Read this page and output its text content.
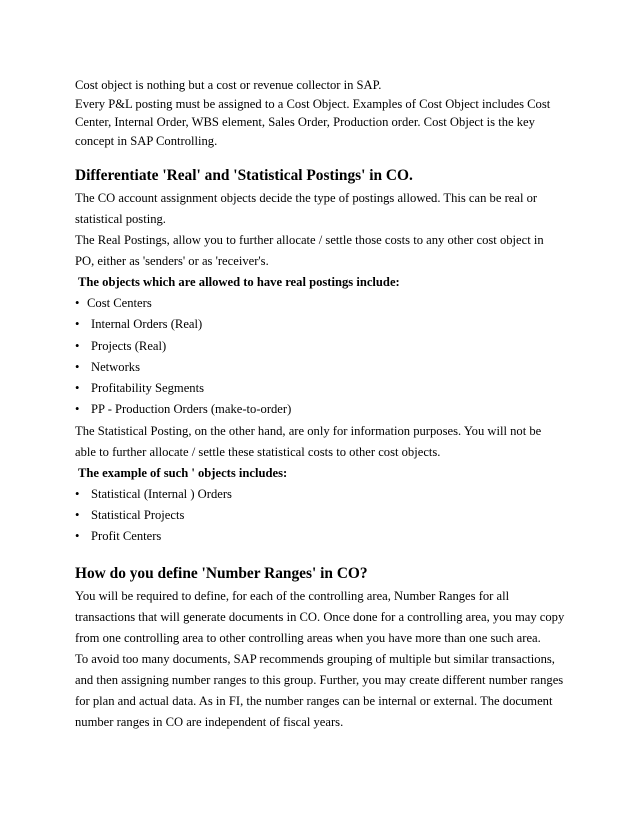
Cost object is nothing but a cost or revenue collector in SAP.

Every P&L posting must be assigned to a Cost Object. Examples of Cost Object includes Cost Center, Internal Order, WBS element, Sales Order, Production order. Cost Object is the key concept in SAP Controlling.

Differentiate 'Real' and 'Statistical Postings' in CO.

The CO account assignment objects decide the type of postings allowed. This can be real or statistical posting.

The Real Postings, allow you to further allocate / settle those costs to any other cost object in PO, either as 'senders' or as 'receiver's.

The objects which are allowed to have real postings include:

• Cost Centers
• Internal Orders (Real)
• Projects (Real)
• Networks
• Profitability Segments
• PP - Production Orders (make-to-order)

The Statistical Posting, on the other hand, are only for information purposes. You will not be able to further allocate / settle these statistical costs to other cost objects.

The example of such ' objects includes:

• Statistical (Internal ) Orders
• Statistical Projects
• Profit Centers
How do you define 'Number Ranges' in CO?

You will be required to define, for each of the controlling area, Number Ranges for all transactions that will generate documents in CO. Once done for a controlling area, you may copy from one controlling area to other controlling areas when you have more than one such area.

To avoid too many documents, SAP recommends grouping of multiple but similar transactions, and then assigning number ranges to this group. Further, you may create different number ranges for plan and actual data. As in FI, the number ranges can be internal or external. The document number ranges in CO are independent of fiscal years.
